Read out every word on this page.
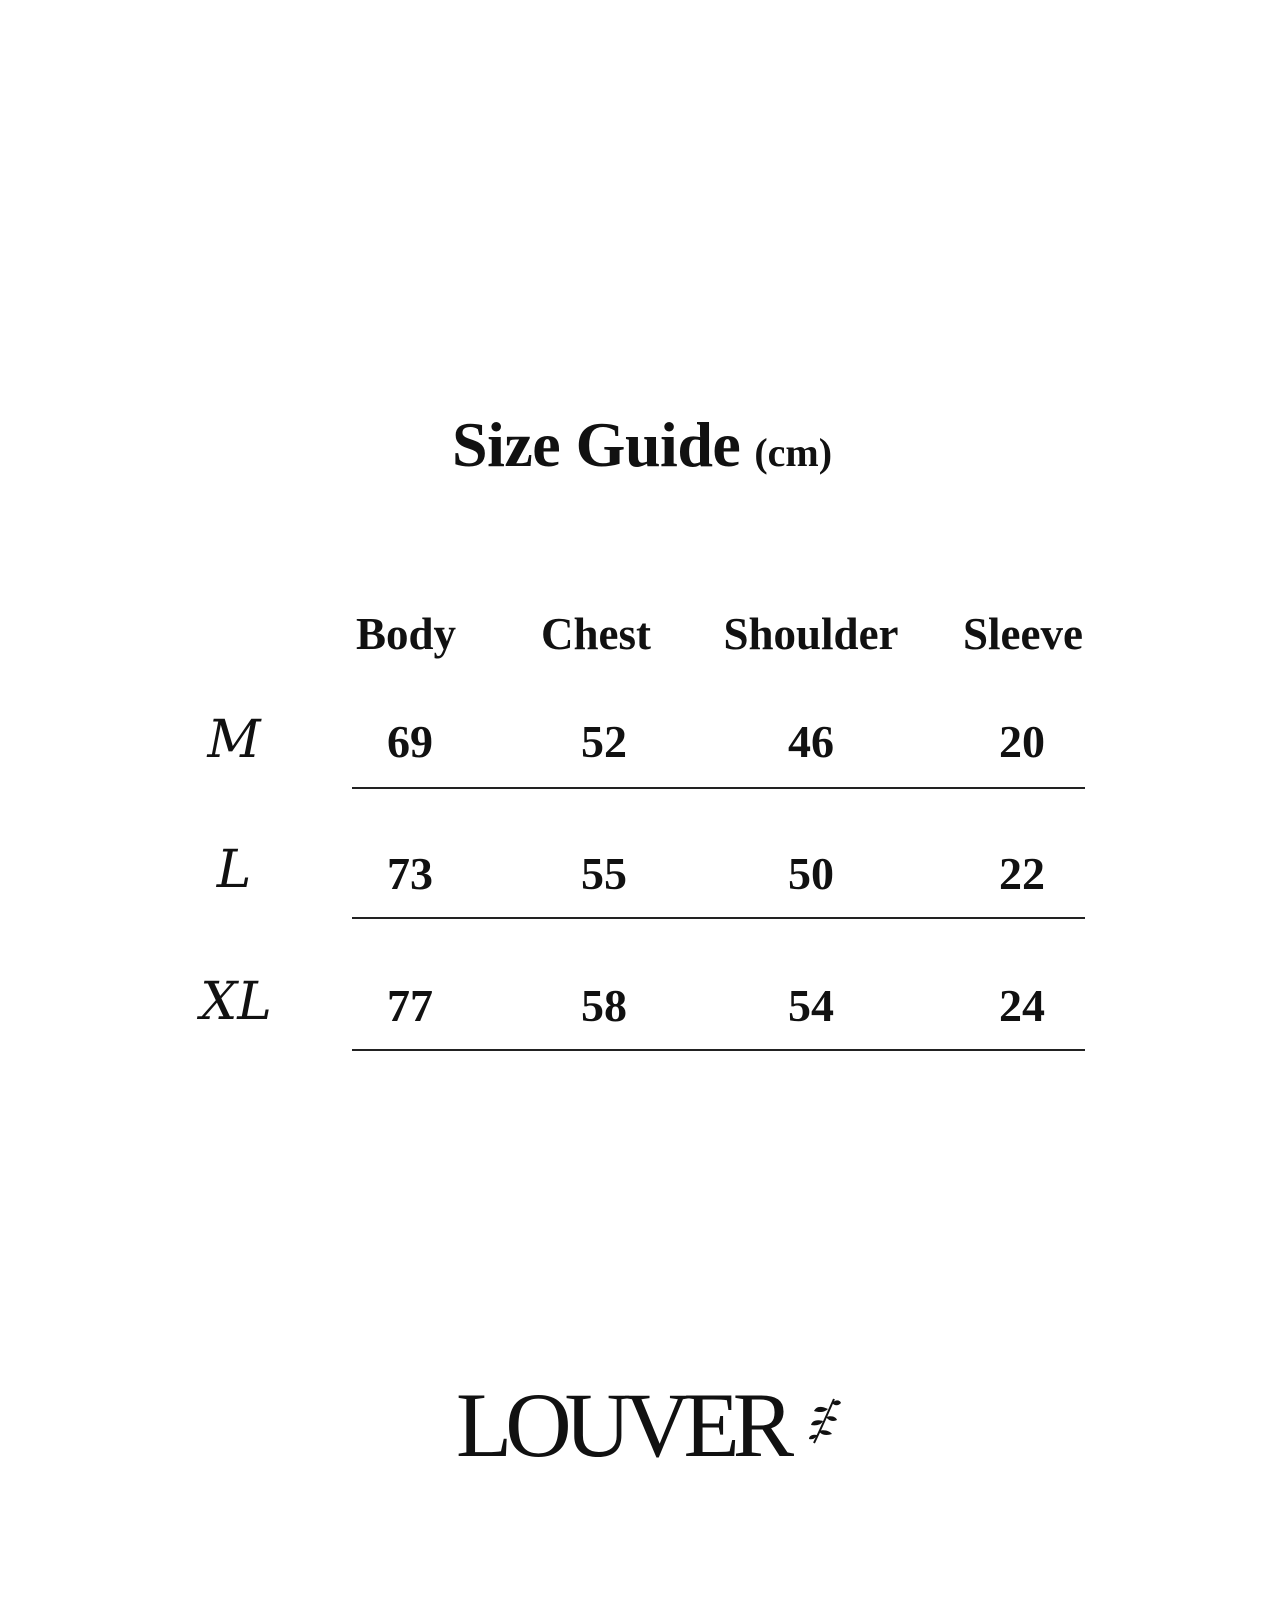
Size Guide (cm)
Body Chest Shoulder Sleeve
M	69	52	46	20
L	73	55	50	22
XL	77	58	54	24
LOUVER
